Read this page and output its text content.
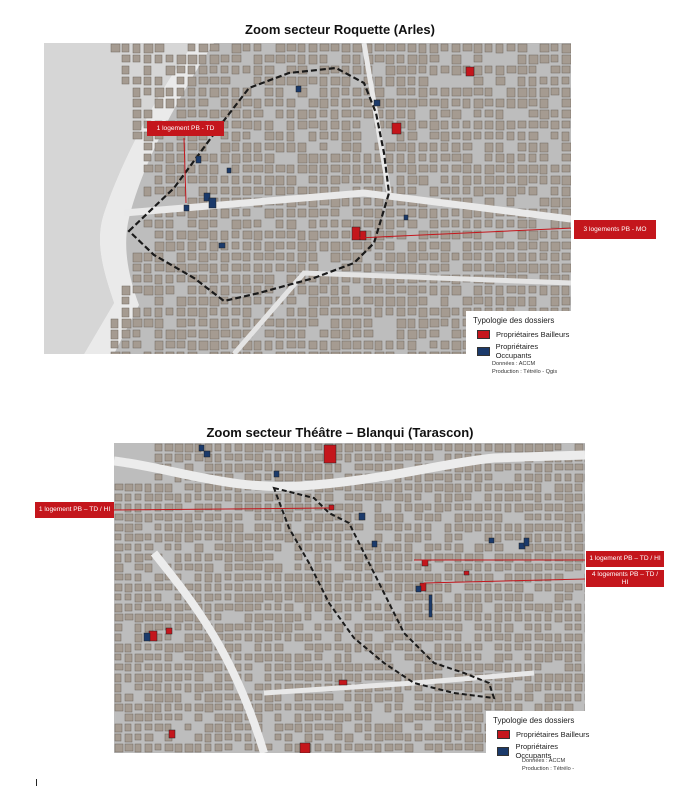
Zoom secteur Roquette (Arles)
1 logement PB - TD
3 logements PB - MO
Typologie des dossiers
Propriétaires Bailleurs
Propriétaires Occupants
Données : ACCM
Production : Tétrélo - Qgis
Zoom secteur Théâtre – Blanqui (Tarascon)
1 logement PB – TD / HI
1 logement PB – TD / HI
4 logements PB – TD / HI
Typologie des dossiers
Propriétaires Bailleurs
Propriétaires Occupants
Données : ACCM
Production : Tétrélo -
